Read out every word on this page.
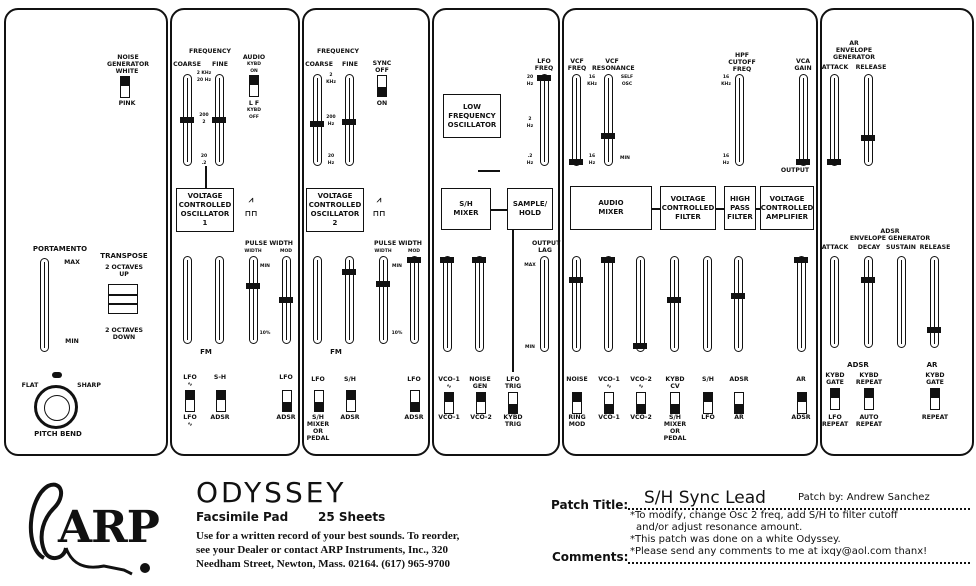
NOISE
GENERATOR
WHITE
PINK
PORTAMENTO
MAX
MIN
TRANSPOSE
2 OCTAVES
UP
2 OCTAVES
DOWN
FLAT	SHARP
PITCH BEND
FREQUENCY
COARSE	FINE
AUDIO
KYBD
ON
L F
KYBD
OFF
2 KHz
20 Hz
200
2
20
.2
VOLTAGE
CONTROLLED
OSCILLATOR
1
⩘
⊓⊓
PULSE WIDTH
WIDTH	MOD
MIN
10%
FM
LFO
∿
LFO
∿
S-H
ADSR
LFO
ADSR
FREQUENCY
COARSE	FINE	SYNC
OFF
ON
2
KHz
200
Hz
20
Hz
VOLTAGE
CONTROLLED
OSCILLATOR
2
⩘
⊓⊓
PULSE WIDTH
WIDTH	MOD
MIN
10%
FM
LFO
S/H
MIXER
OR
PEDAL
S/H
ADSR
LFO
ADSR
LFO
FREQ
20
Hz
2
Hz
.2
Hz
LOW
FREQUENCY
OSCILLATOR
S/H
MIXER
SAMPLE/
HOLD
OUTPUT
LAG
MAX
MIN
VCO-1
∿
VCO-1
NOISE
GEN
VCO-2
LFO
TRIG
KYBD
TRIG
VCF
FREQ
VCF
RESONANCE
16
KHz
16
Hz
SELF
OSC
MIN
HPF
CUTOFF
FREQ
16
KHz
16
Hz
VCA
GAIN
OUTPUT
AUDIO
MIXER
VOLTAGE
CONTROLLED
FILTER
HIGH
PASS
FILTER
VOLTAGE
CONTROLLED
AMPLIFIER
NOISE
RING
MOD
VCO-1
∿
VCO-1
VCO-2
∿
VCO-2
KYBD
CV
S/H
MIXER
OR
PEDAL
S/H
LFO
ADSR
AR
AR
ADSR
AR
ENVELOPE
GENERATOR
ATTACK RELEASE
ADSR
ENVELOPE GENERATOR
ATTACK	DECAY SUSTAIN RELEASE
ADSR	AR
KYBD
GATE
LFO
REPEAT
KYBD
REPEAT
AUTO
REPEAT
KYBD
GATE
REPEAT
ARP
ODYSSEY
Facsimile Pad 25 Sheets
Use for a written record of your best sounds. To reorder,
see your Dealer or contact ARP Instruments, Inc., 320
Needham Street, Newton, Mass. 02164. (617) 965-9700
Patch Title: S/H Sync Lead	Patch by: Andrew Sanchez
*To modify, change Osc 2 freq, add S/H to filter cutoff
and/or adjust resonance amount.
*This patch was done on a white Odyssey.
*Please send any comments to me at ixqy@aol.com thanx!
Comments:
